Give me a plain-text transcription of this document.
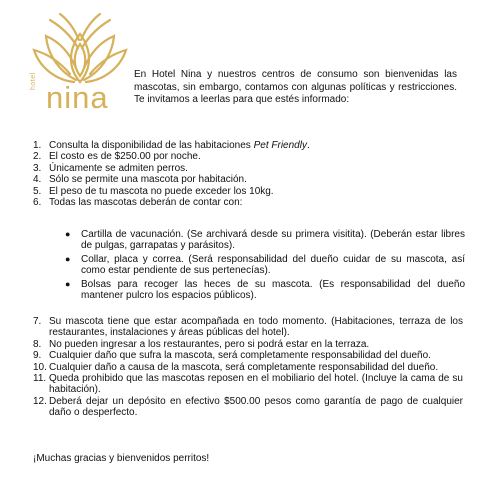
hotel nina
En Hotel Nina y nuestros centros de consumo son bienvenidas las mascotas, sin embargo, contamos con algunas políticas y restricciones. Te invitamos a leerlas para que estés informado:
1. Consulta la disponibilidad de las habitaciones Pet Friendly.
2. El costo es de $250.00 por noche.
3. Únicamente se admiten perros.
4. Sólo se permite una mascota por habitación.
5. El peso de tu mascota no puede exceder los 10kg.
6. Todas las mascotas deberán de contar con:
●	Cartilla de vacunación. (Se archivará desde su primera visitita). (Deberán estar libres de pulgas, garrapatas y parásitos).
●	Collar, placa y correa. (Será responsabilidad del dueño cuidar de su mascota, así como estar pendiente de sus pertenecías).
●	Bolsas para recoger las heces de su mascota. (Es responsabilidad del dueño mantener pulcro los espacios públicos).
7. Su mascota tiene que estar acompañada en todo momento. (Habitaciones, terraza de los restaurantes, instalaciones y áreas públicas del hotel).
8. No pueden ingresar a los restaurantes, pero si podrá estar en la terraza.
9. Cualquier daño que sufra la mascota, será completamente responsabilidad del dueño.
10. Cualquier daño a causa de la mascota, será completamente responsabilidad del dueño.
11. Queda prohibido que las mascotas reposen en el mobiliario del hotel. (Incluye la cama de su habitación).
12. Deberá dejar un depósito en efectivo $500.00 pesos como garantía de pago de cualquier daño o desperfecto.
¡Muchas gracias y bienvenidos perritos!
